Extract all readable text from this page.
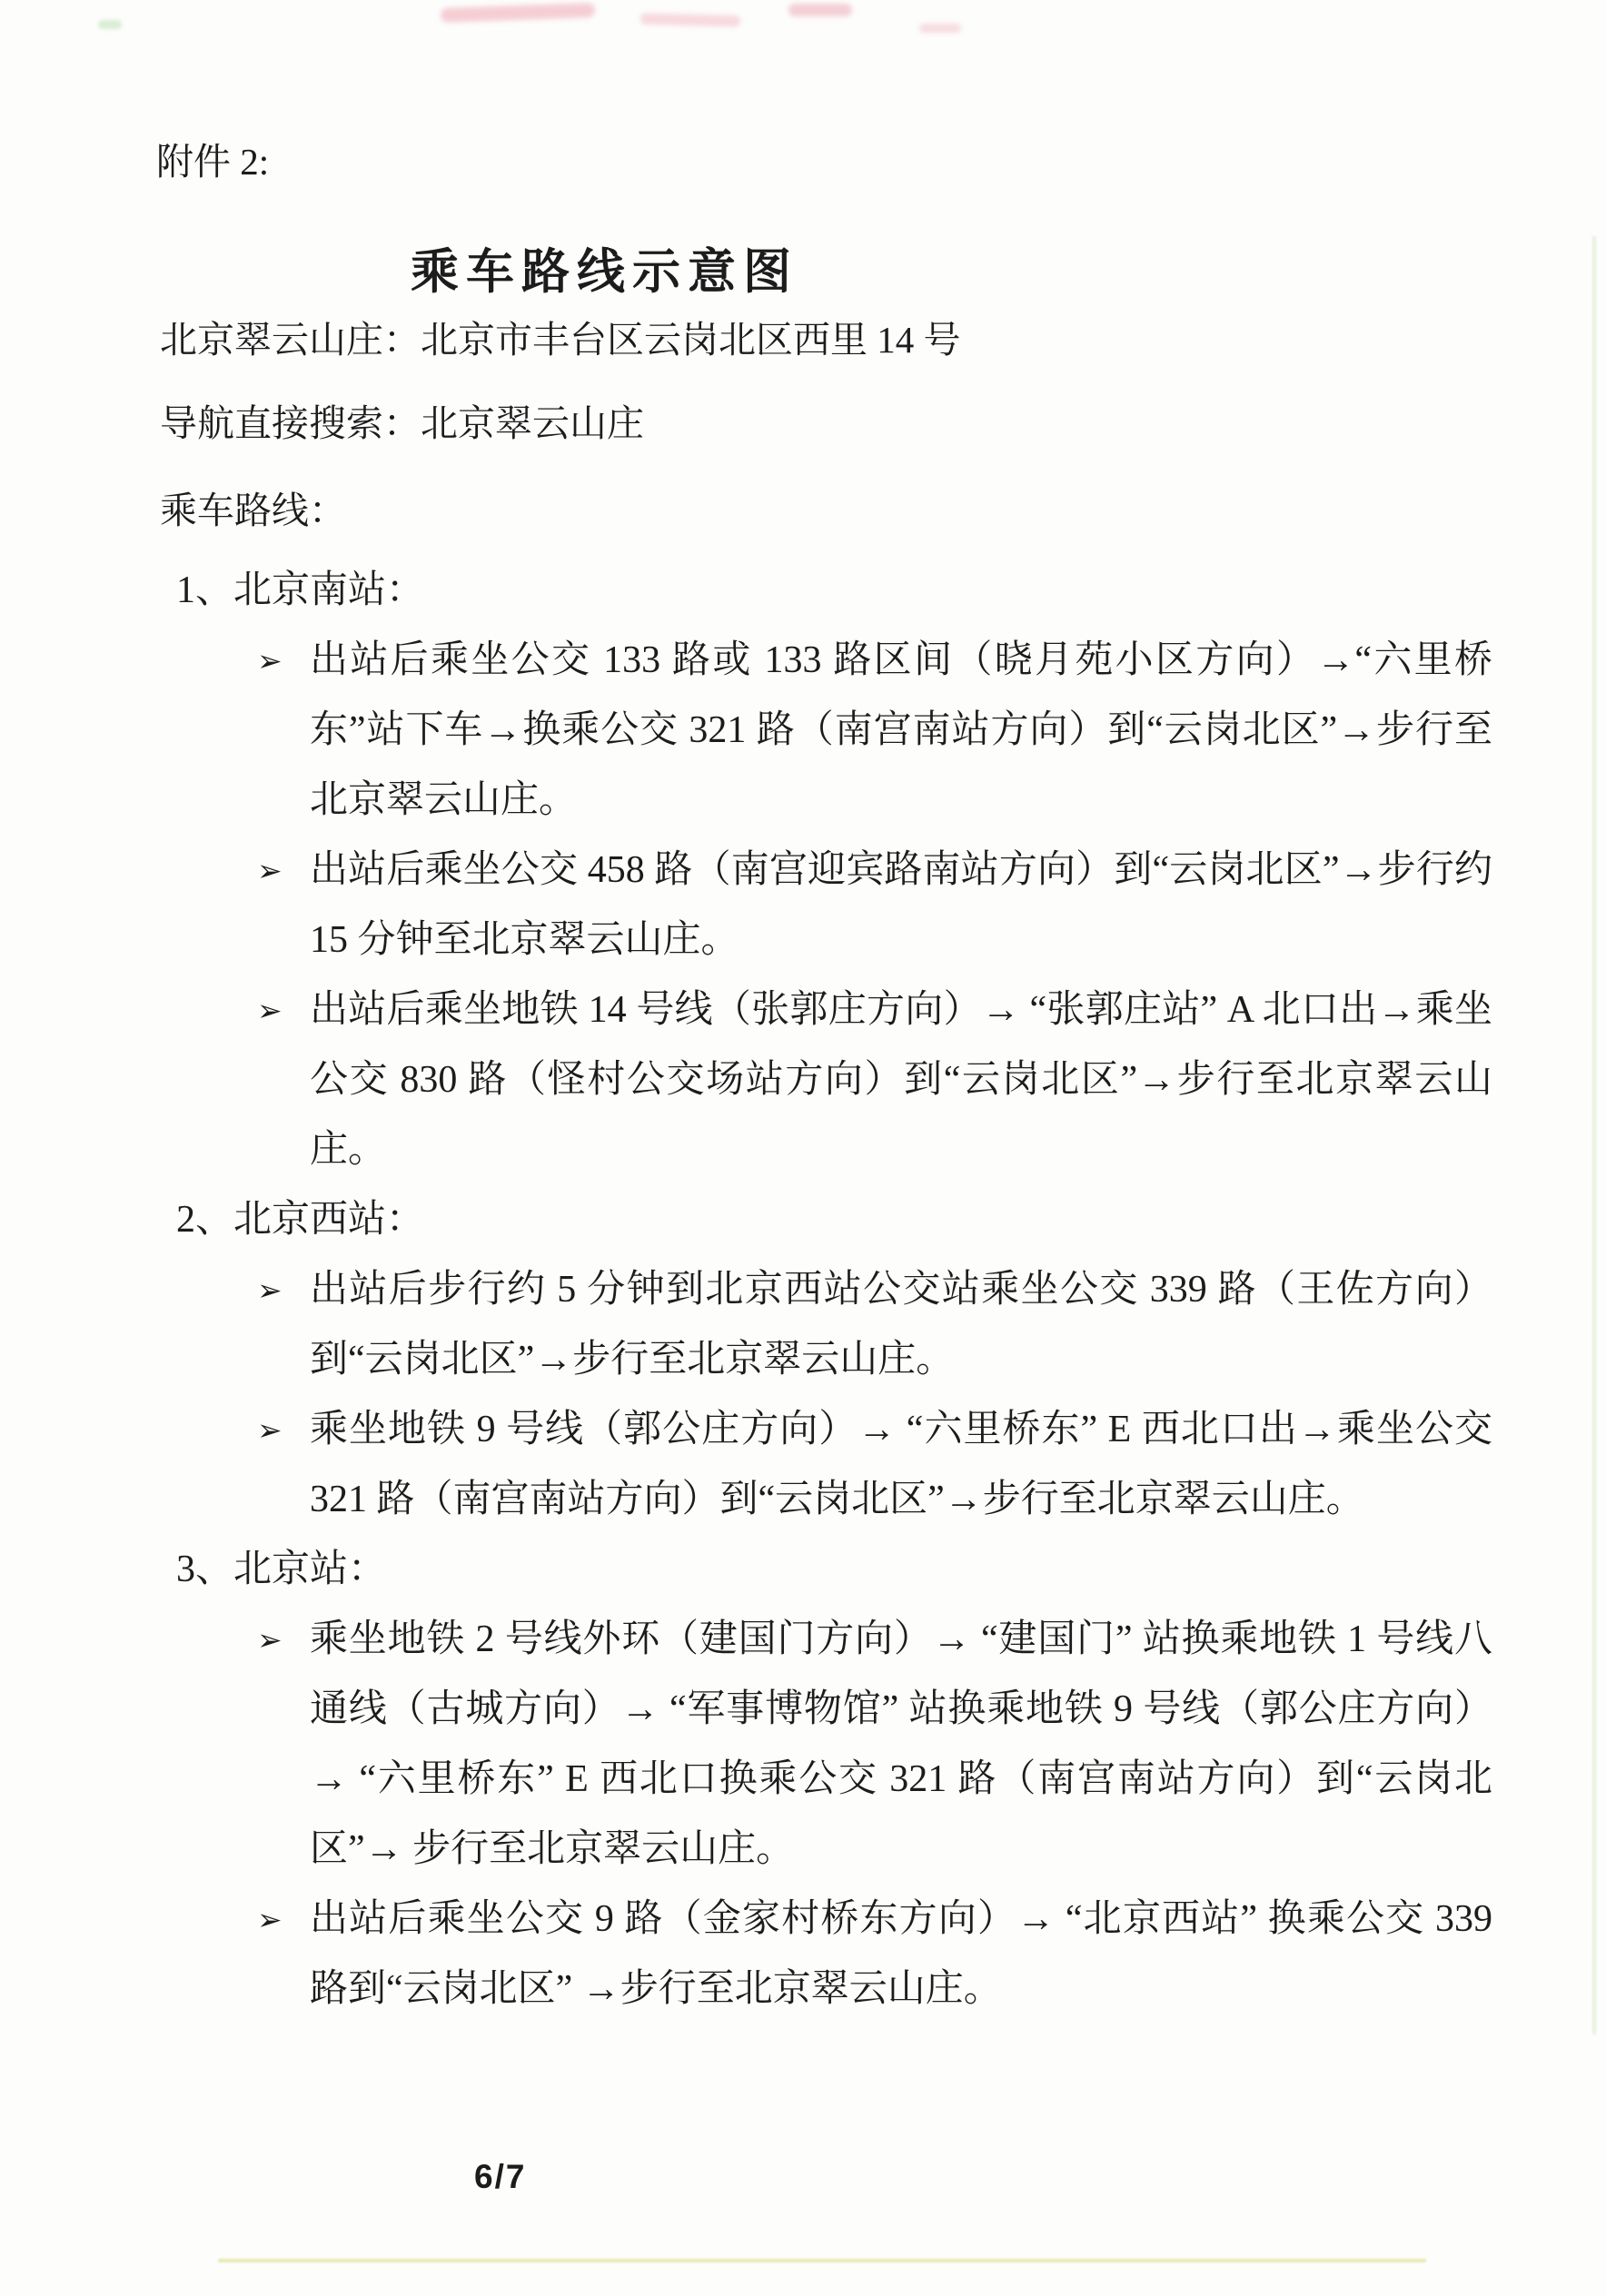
附件 2:
乘车路线示意图
北京翠云山庄：北京市丰台区云岗北区西里 14 号
导航直接搜索：北京翠云山庄
乘车路线：
1、北京南站：
➢ 出站后乘坐公交 133 路或 133 路区间（晓月苑小区方向）→“六里桥东”站下车→换乘公交 321 路（南宫南站方向）到“云岗北区”→步行至北京翠云山庄。
➢ 出站后乘坐公交 458 路（南宫迎宾路南站方向）到“云岗北区”→步行约 15 分钟至北京翠云山庄。
➢ 出站后乘坐地铁 14 号线（张郭庄方向）→ “张郭庄站” A 北口出→乘坐公交 830 路（怪村公交场站方向）到“云岗北区”→步行至北京翠云山庄。
2、北京西站：
➢ 出站后步行约 5 分钟到北京西站公交站乘坐公交 339 路（王佐方向）到“云岗北区”→步行至北京翠云山庄。
➢ 乘坐地铁 9 号线（郭公庄方向）→ “六里桥东” E 西北口出→乘坐公交 321 路（南宫南站方向）到“云岗北区”→步行至北京翠云山庄。
3、北京站：
➢ 乘坐地铁 2 号线外环（建国门方向）→ “建国门” 站换乘地铁 1 号线八通线（古城方向）→ “军事博物馆” 站换乘地铁 9 号线（郭公庄方向）→ “六里桥东” E 西北口换乘公交 321 路（南宫南站方向）到“云岗北区”→ 步行至北京翠云山庄。
➢ 出站后乘坐公交 9 路（金家村桥东方向）→ “北京西站” 换乘公交 339 路到“云岗北区” →步行至北京翠云山庄。
6/7
